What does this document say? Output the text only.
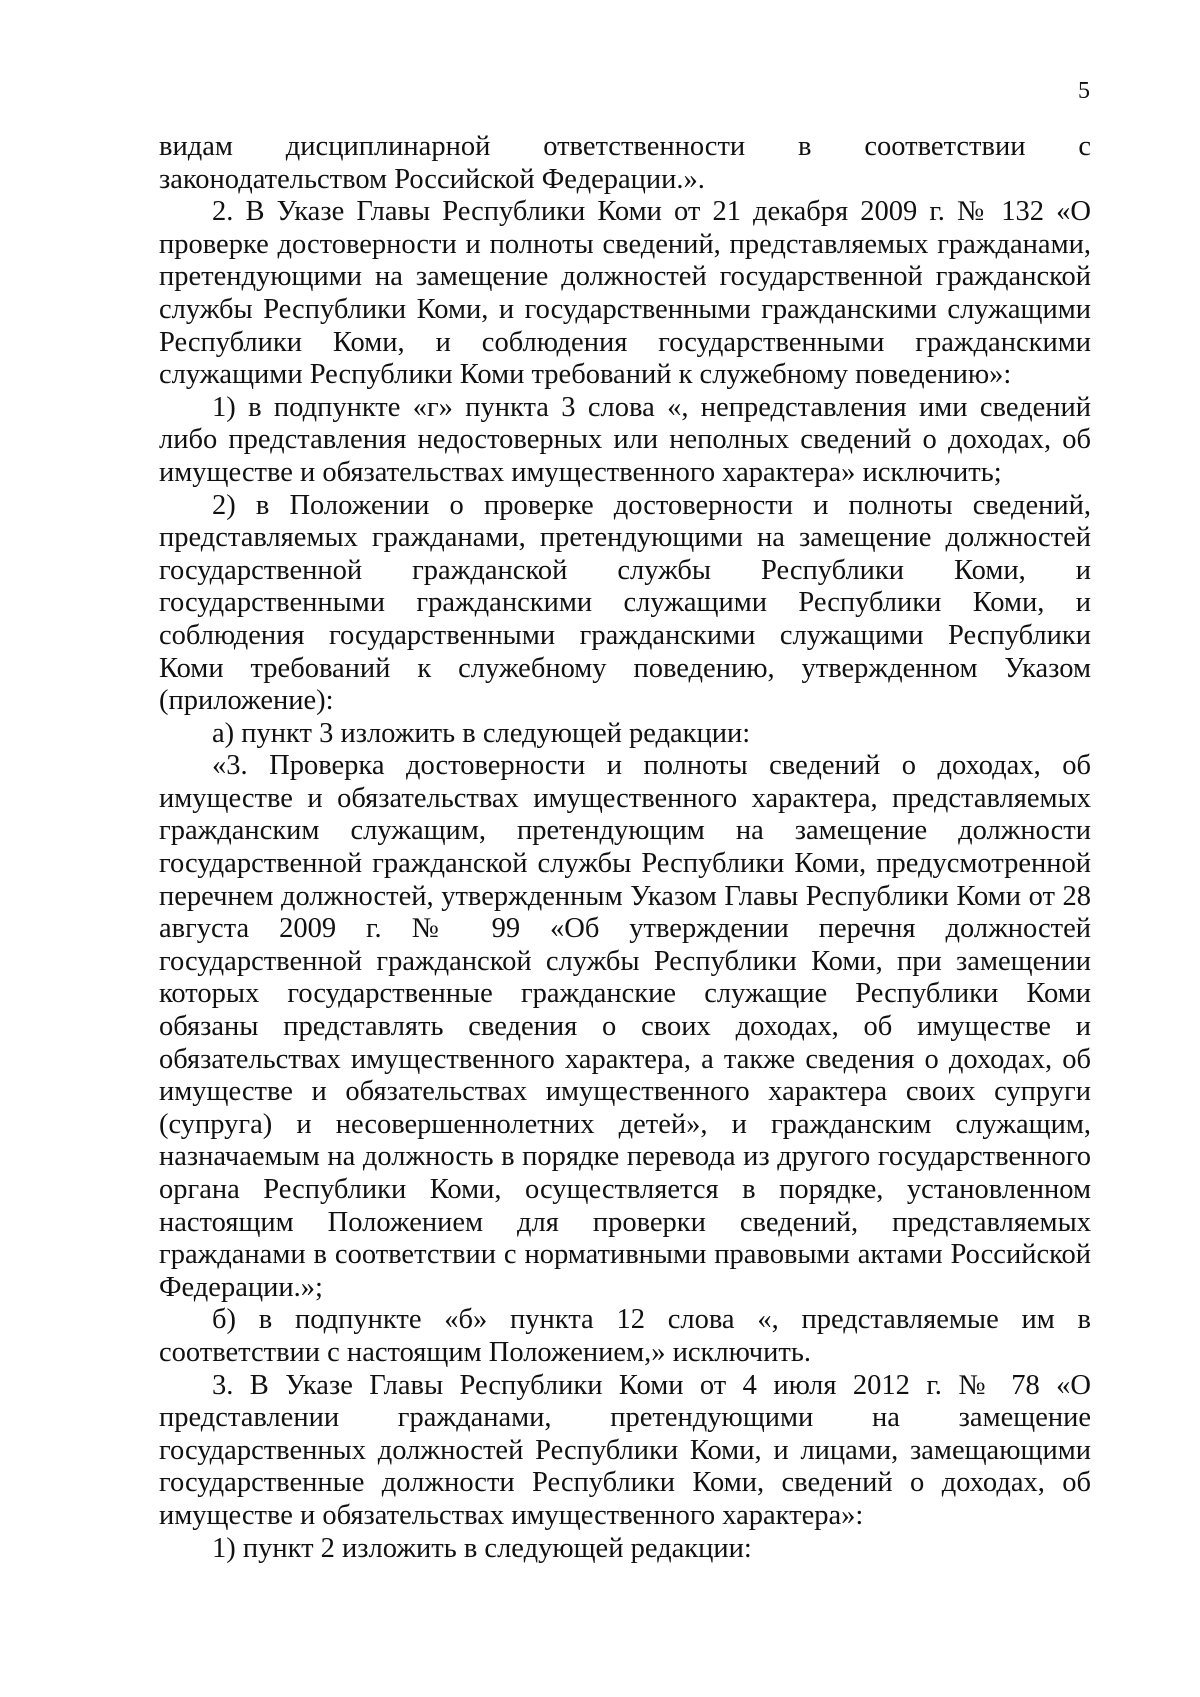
5

видам дисциплинарной ответственности в соответствии с законодательством Российской Федерации.».

2. В Указе Главы Республики Коми от 21 декабря 2009 г. № 132 «О проверке достоверности и полноты сведений, представляемых гражданами, претендующими на замещение должностей государственной гражданской службы Республики Коми, и государственными гражданскими служащими Республики Коми, и соблюдения государственными гражданскими служащими Республики Коми требований к служебному поведению»:

1) в подпункте «г» пункта 3 слова «, непредставления ими сведений либо представления недостоверных или неполных сведений о доходах, об имуществе и обязательствах имущественного характера» исключить;

2) в Положении о проверке достоверности и полноты сведений, представляемых гражданами, претендующими на замещение должностей государственной гражданской службы Республики Коми, и государственными гражданскими служащими Республики Коми, и соблюдения государственными гражданскими служащими Республики Коми требований к служебному поведению, утвержденном Указом (приложение):

а) пункт 3 изложить в следующей редакции:

«3. Проверка достоверности и полноты сведений о доходах, об имуществе и обязательствах имущественного характера, представляемых гражданским служащим, претендующим на замещение должности государственной гражданской службы Республики Коми, предусмотренной перечнем должностей, утвержденным Указом Главы Республики Коми от 28 августа 2009 г. № 99 «Об утверждении перечня должностей государственной гражданской службы Республики Коми, при замещении которых государственные гражданские служащие Республики Коми обязаны представлять сведения о своих доходах, об имуществе и обязательствах имущественного характера, а также сведения о доходах, об имуществе и обязательствах имущественного характера своих супруги (супруга) и несовершеннолетних детей», и гражданским служащим, назначаемым на должность в порядке перевода из другого государственного органа Республики Коми, осуществляется в порядке, установленном настоящим Положением для проверки сведений, представляемых гражданами в соответствии с нормативными правовыми актами Российской Федерации.»;

б) в подпункте «б» пункта 12 слова «, представляемые им в соответствии с настоящим Положением,» исключить.

3. В Указе Главы Республики Коми от 4 июля 2012 г. № 78 «О представлении гражданами, претендующими на замещение государственных должностей Республики Коми, и лицами, замещающими государственные должности Республики Коми, сведений о доходах, об имуществе и обязательствах имущественного характера»:

1) пункт 2 изложить в следующей редакции:
